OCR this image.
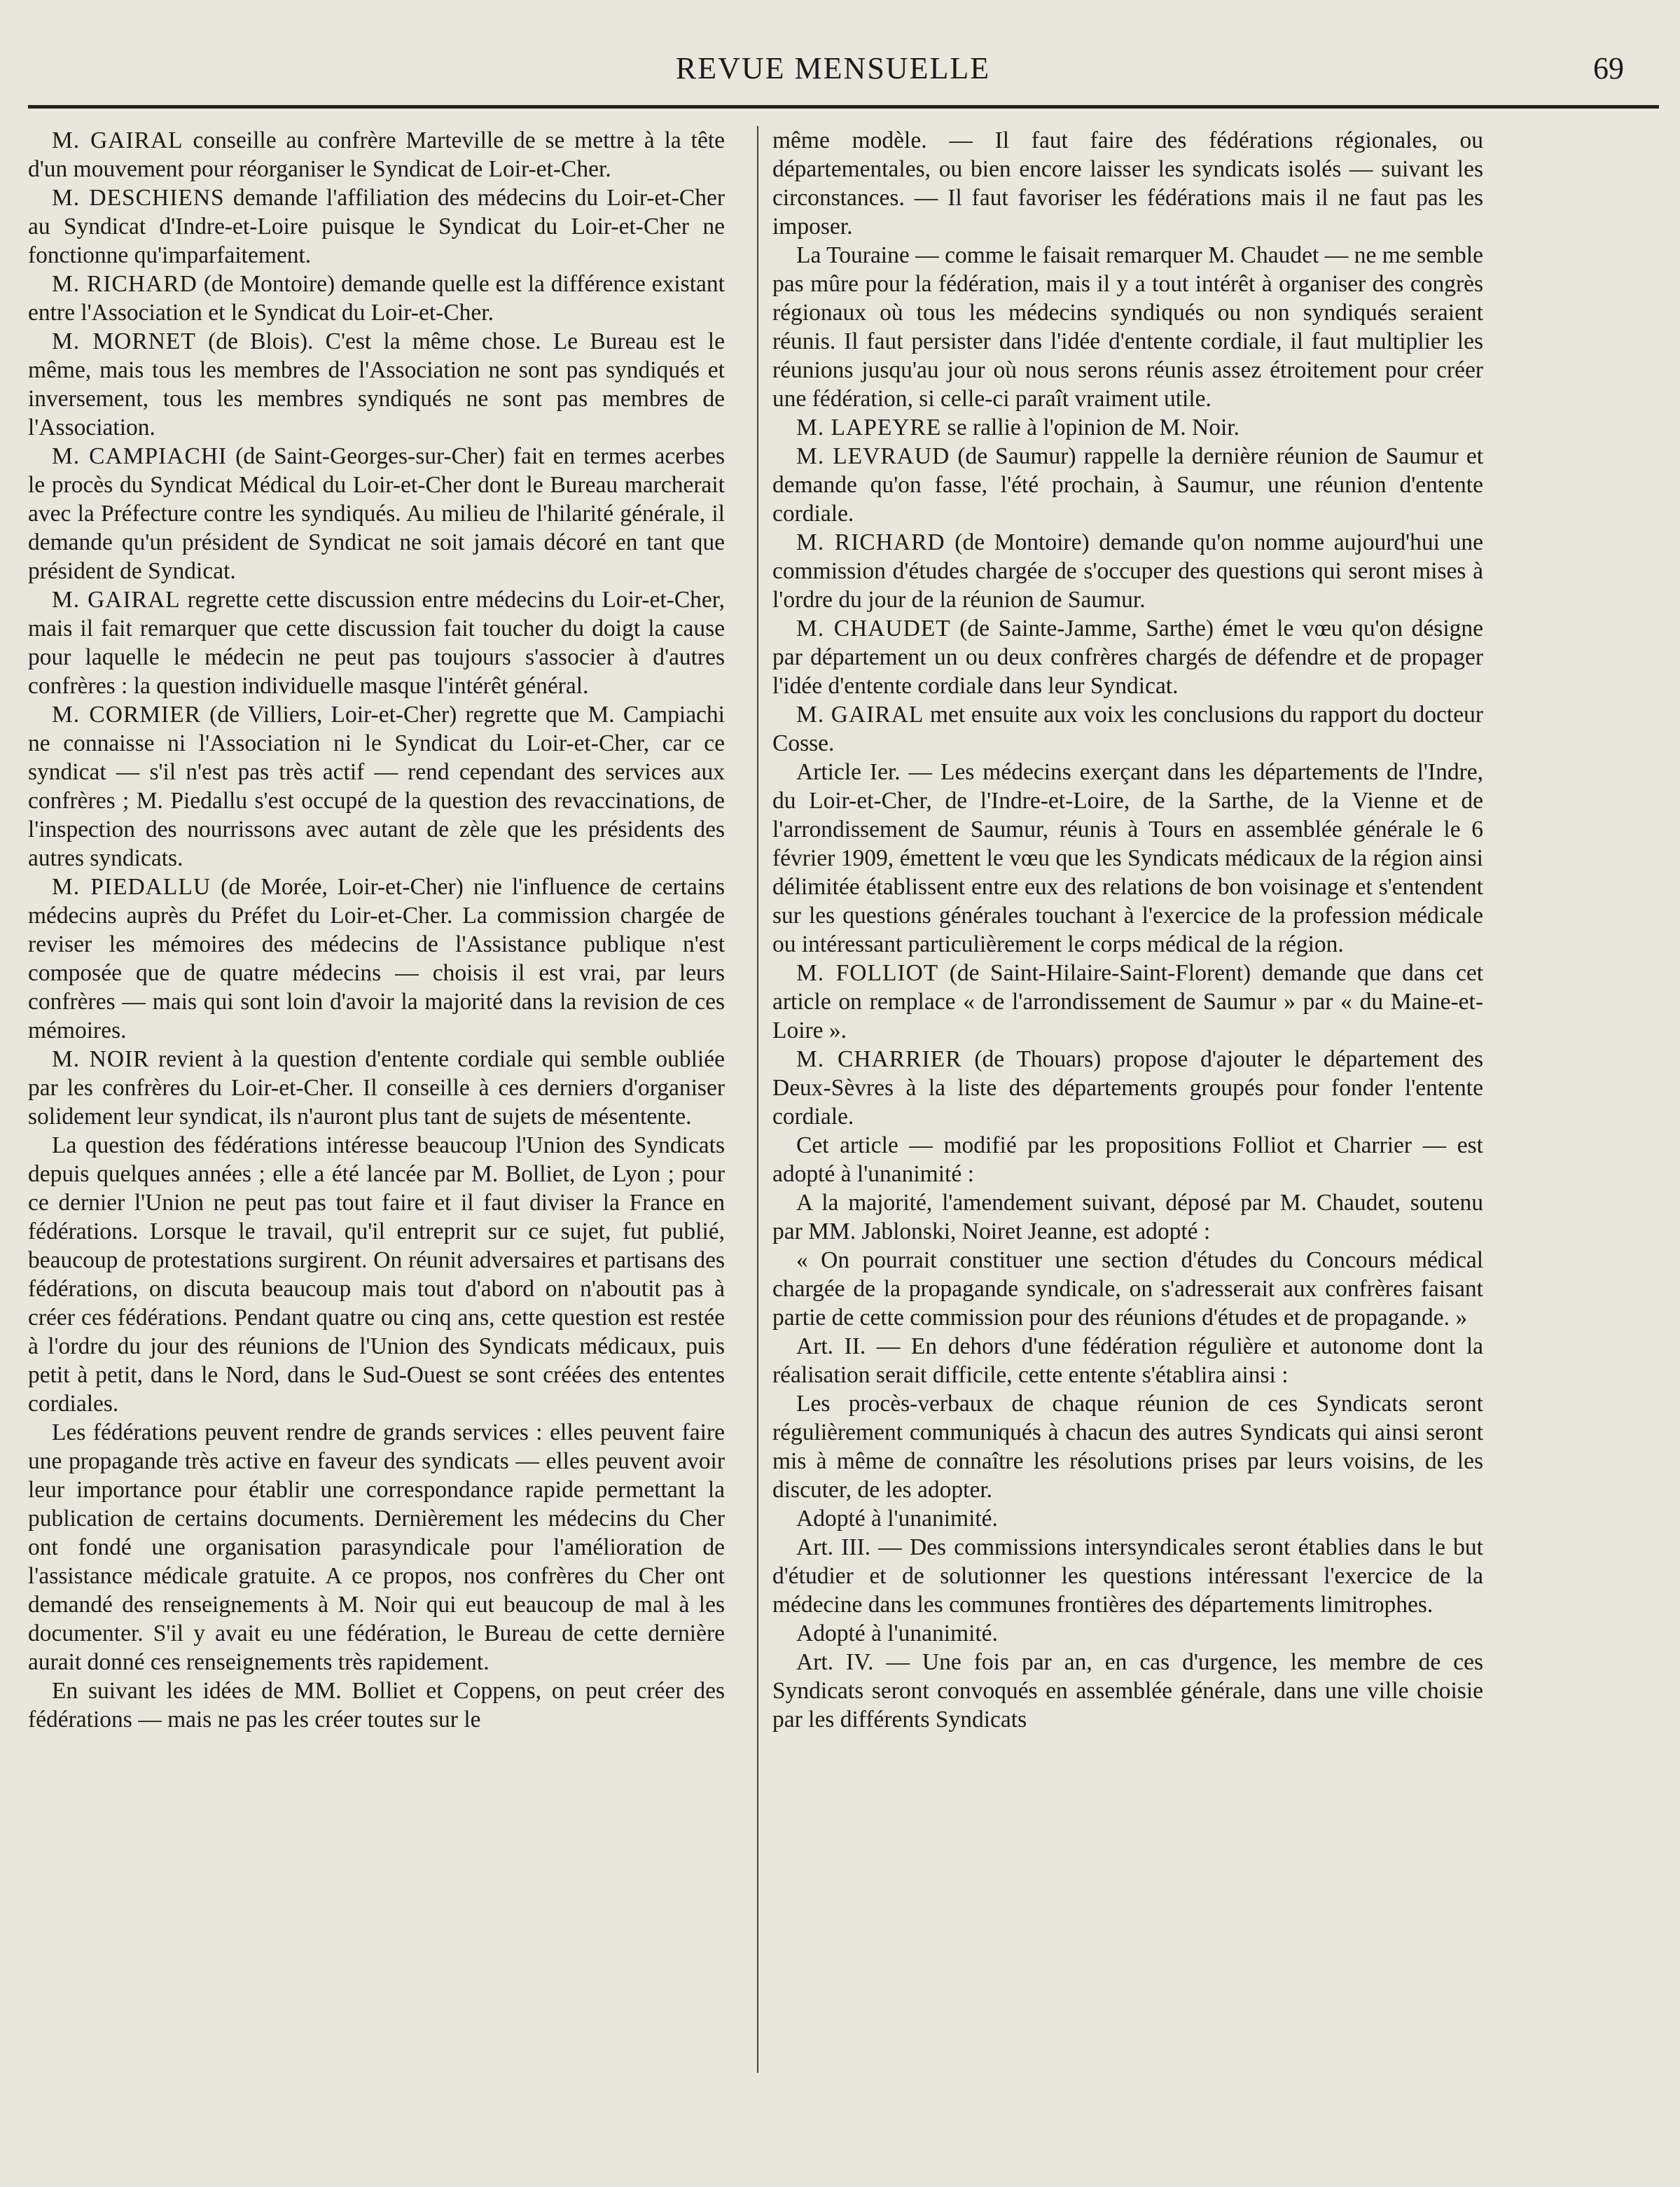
REVUE MENSUELLE	69

M. GAIRAL conseille au confrère Marteville de se mettre à la tête d'un mouvement pour réorganiser le Syndicat de Loir-et-Cher.

M. DESCHIENS demande l'affiliation des médecins du Loir-et-Cher au Syndicat d'Indre-et-Loire puisque le Syndicat du Loir-et-Cher ne fonctionne qu'imparfaitement.

M. RICHARD (de Montoire) demande quelle est la différence existant entre l'Association et le Syndicat du Loir-et-Cher.

M. MORNET (de Blois). C'est la même chose. Le Bureau est le même, mais tous les membres de l'Association ne sont pas syndiqués et inversement, tous les membres syndiqués ne sont pas membres de l'Association.

M. CAMPIACHI (de Saint-Georges-sur-Cher) fait en termes acerbes le procès du Syndicat Médical du Loir-et-Cher dont le Bureau marcherait avec la Préfecture contre les syndiqués. Au milieu de l'hilarité générale, il demande qu'un président de Syndicat ne soit jamais décoré en tant que président de Syndicat.

M. GAIRAL regrette cette discussion entre médecins du Loir-et-Cher, mais il fait remarquer que cette discussion fait toucher du doigt la cause pour laquelle le médecin ne peut pas toujours s'associer à d'autres confrères : la question individuelle masque l'intérêt général.

M. CORMIER (de Villiers, Loir-et-Cher) regrette que M. Campiachi ne connaisse ni l'Association ni le Syndicat du Loir-et-Cher, car ce syndicat — s'il n'est pas très actif — rend cependant des services aux confrères ; M. Piedallu s'est occupé de la question des revaccinations, de l'inspection des nourrissons avec autant de zèle que les présidents des autres syndicats.

M. PIEDALLU (de Morée, Loir-et-Cher) nie l'influence de certains médecins auprès du Préfet du Loir-et-Cher. La commission chargée de reviser les mémoires des médecins de l'Assistance publique n'est composée que de quatre médecins — choisis il est vrai, par leurs confrères — mais qui sont loin d'avoir la majorité dans la revision de ces mémoires.

M. NOIR revient à la question d'entente cordiale qui semble oubliée par les confrères du Loir-et-Cher. Il conseille à ces derniers d'organiser solidement leur syndicat, ils n'auront plus tant de sujets de mésentente.

La question des fédérations intéresse beaucoup l'Union des Syndicats depuis quelques années ; elle a été lancée par M. Bolliet, de Lyon ; pour ce dernier l'Union ne peut pas tout faire et il faut diviser la France en fédérations. Lorsque le travail, qu'il entreprit sur ce sujet, fut publié, beaucoup de protestations surgirent. On réunit adversaires et partisans des fédérations, on discuta beaucoup mais tout d'abord on n'aboutit pas à créer ces fédérations. Pendant quatre ou cinq ans, cette question est restée à l'ordre du jour des réunions de l'Union des Syndicats médicaux, puis petit à petit, dans le Nord, dans le Sud-Ouest se sont créées des ententes cordiales.

Les fédérations peuvent rendre de grands services : elles peuvent faire une propagande très active en faveur des syndicats — elles peuvent avoir leur importance pour établir une correspondance rapide permettant la publication de certains documents. Dernièrement les médecins du Cher ont fondé une organisation parasyndicale pour l'amélioration de l'assistance médicale gratuite. A ce propos, nos confrères du Cher ont demandé des renseignements à M. Noir qui eut beaucoup de mal à les documenter. S'il y avait eu une fédération, le Bureau de cette dernière aurait donné ces renseignements très rapidement.

En suivant les idées de MM. Bolliet et Coppens, on peut créer des fédérations — mais ne pas les créer toutes sur le

même modèle. — Il faut faire des fédérations régionales, ou départementales, ou bien encore laisser les syndicats isolés — suivant les circonstances. — Il faut favoriser les fédérations mais il ne faut pas les imposer.

La Touraine — comme le faisait remarquer M. Chaudet — ne me semble pas mûre pour la fédération, mais il y a tout intérêt à organiser des congrès régionaux où tous les médecins syndiqués ou non syndiqués seraient réunis. Il faut persister dans l'idée d'entente cordiale, il faut multiplier les réunions jusqu'au jour où nous serons réunis assez étroitement pour créer une fédération, si celle-ci paraît vraiment utile.

M. LAPEYRE se rallie à l'opinion de M. Noir.

M. LEVRAUD (de Saumur) rappelle la dernière réunion de Saumur et demande qu'on fasse, l'été prochain, à Saumur, une réunion d'entente cordiale.

M. RICHARD (de Montoire) demande qu'on nomme aujourd'hui une commission d'études chargée de s'occuper des questions qui seront mises à l'ordre du jour de la réunion de Saumur.

M. CHAUDET (de Sainte-Jamme, Sarthe) émet le vœu qu'on désigne par département un ou deux confrères chargés de défendre et de propager l'idée d'entente cordiale dans leur Syndicat.

M. GAIRAL met ensuite aux voix les conclusions du rapport du docteur Cosse.

Article Ier. — Les médecins exerçant dans les départements de l'Indre, du Loir-et-Cher, de l'Indre-et-Loire, de la Sarthe, de la Vienne et de l'arrondissement de Saumur, réunis à Tours en assemblée générale le 6 février 1909, émettent le vœu que les Syndicats médicaux de la région ainsi délimitée établissent entre eux des relations de bon voisinage et s'entendent sur les questions générales touchant à l'exercice de la profession médicale ou intéressant particulièrement le corps médical de la région.

M. FOLLIOT (de Saint-Hilaire-Saint-Florent) demande que dans cet article on remplace « de l'arrondissement de Saumur » par « du Maine-et-Loire ».

M. CHARRIER (de Thouars) propose d'ajouter le département des Deux-Sèvres à la liste des départements groupés pour fonder l'entente cordiale.

Cet article — modifié par les propositions Folliot et Charrier — est adopté à l'unanimité :

A la majorité, l'amendement suivant, déposé par M. Chaudet, soutenu par MM. Jablonski, Noiret Jeanne, est adopté :

« On pourrait constituer une section d'études du Concours médical chargée de la propagande syndicale, on s'adresserait aux confrères faisant partie de cette commission pour des réunions d'études et de propagande. »

Art. II. — En dehors d'une fédération régulière et autonome dont la réalisation serait difficile, cette entente s'établira ainsi :

Les procès-verbaux de chaque réunion de ces Syndicats seront régulièrement communiqués à chacun des autres Syndicats qui ainsi seront mis à même de connaître les résolutions prises par leurs voisins, de les discuter, de les adopter.

Adopté à l'unanimité.

Art. III. — Des commissions intersyndicales seront établies dans le but d'étudier et de solutionner les questions intéressant l'exercice de la médecine dans les communes frontières des départements limitrophes.

Adopté à l'unanimité.

Art. IV. — Une fois par an, en cas d'urgence, les membre de ces Syndicats seront convoqués en assemblée générale, dans une ville choisie par les différents Syndicats
